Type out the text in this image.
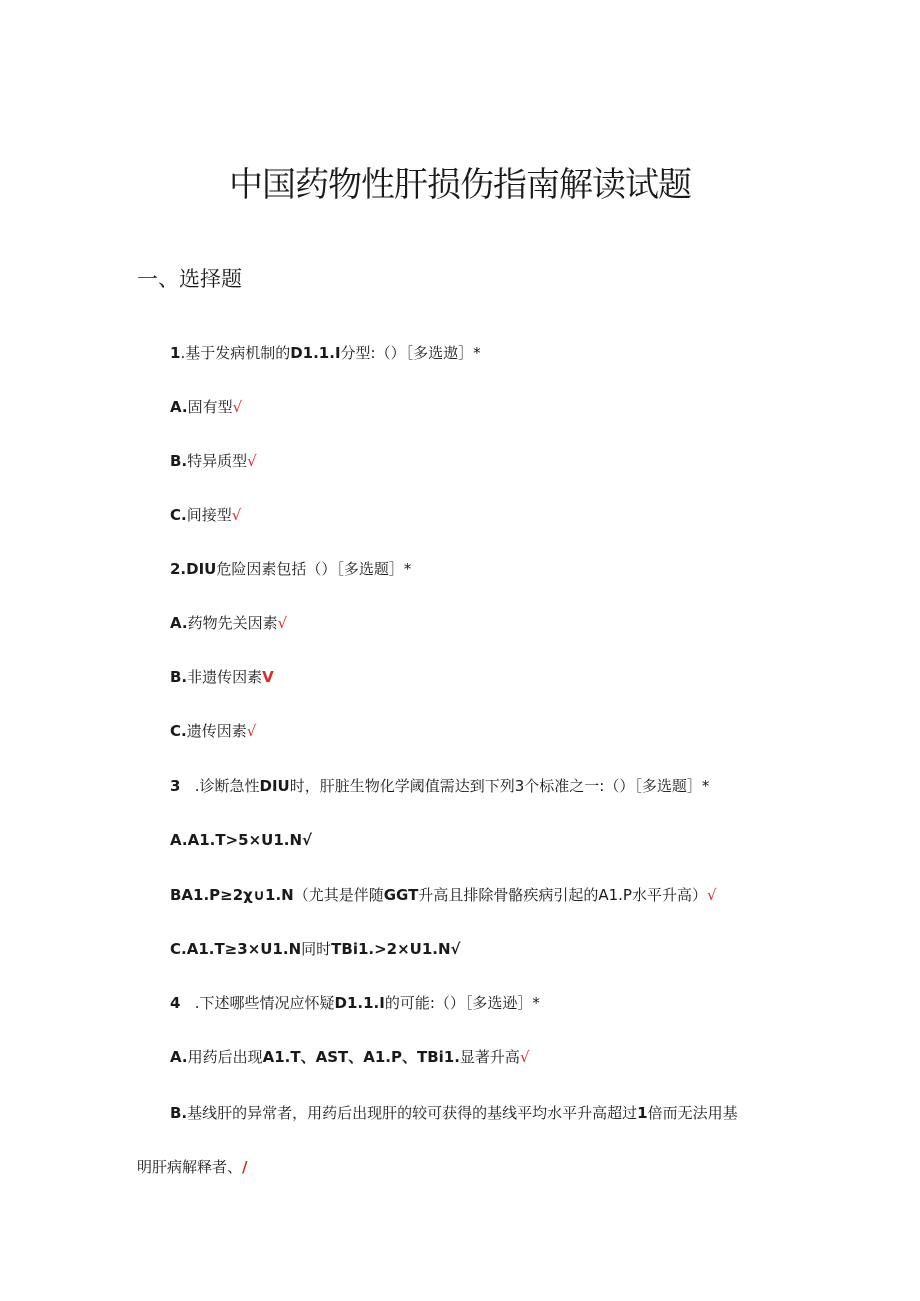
中国药物性肝损伤指南解读试题
一、选择题
1.基于发病机制的D1.1.I分型:（）［多选遨］*
A.固有型√
B.特异质型√
C.间接型√
2.DIU危险因素包括（）［多选题］*
A.药物先关因素√
B.非遗传因素V
C.遗传因素√
3   .诊断急性DIU时，肝脏生物化学阈值需达到下列3个标准之一:（）［多选题］*
A.A1.T>5×U1.N√
BA1.P≥2χ∪1.N（尤其是伴随GGT升高且排除骨骼疾病引起的A1.P水平升高）√
C.A1.T≥3×U1.N同时TBi1.>2×U1.N√
4   .下述哪些情况应怀疑D1.1.I的可能:（）［多选逊］*
A.用药后出现A1.T、AST、A1.P、TBi1.显著升高√
B.基线肝的异常者，用药后出现肝的较可获得的基线平均水平升高超过1倍而无法用基
明肝病解释者、/
